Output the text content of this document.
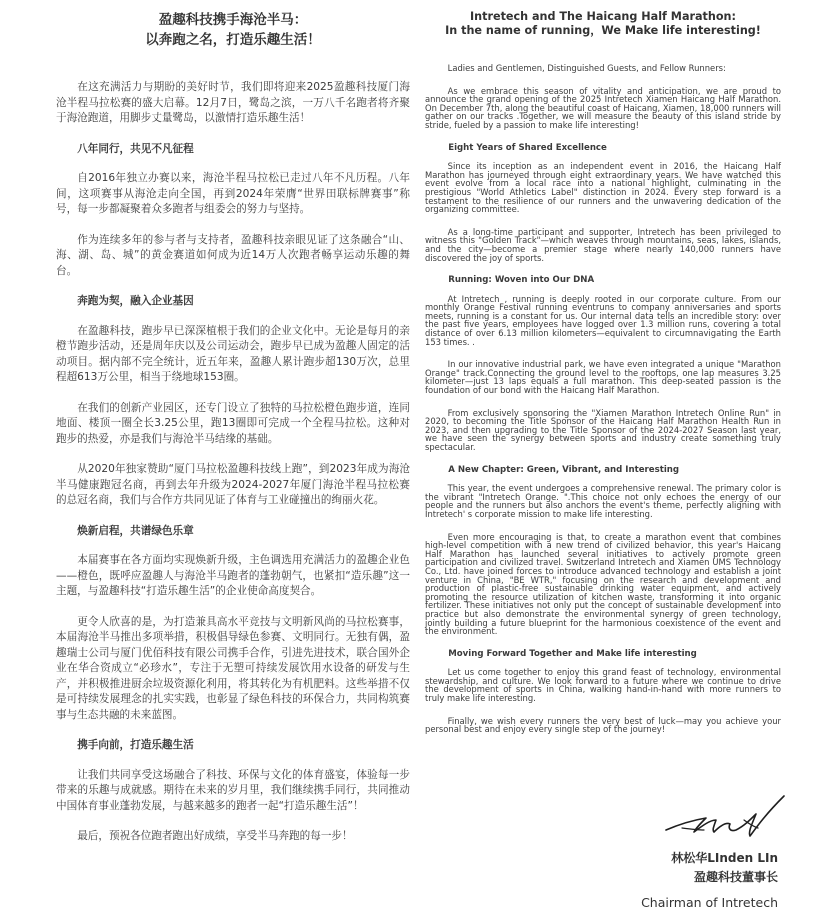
盈趣科技携手海沧半马：
以奔跑之名，打造乐趣生活！

在这充满活力与期盼的美好时节，我们即将迎来2025盈趣科技厦门海沧半程马拉松赛的盛大启幕。12月7日，鹭岛之滨，一万八千名跑者将齐聚于海沧跑道，用脚步丈量鹭岛，以激情打造乐趣生活！

八年同行，共见不凡征程

自2016年独立办赛以来，海沧半程马拉松已走过八年不凡历程。八年间，这项赛事从海沧走向全国，再到2024年荣膺“世界田联标牌赛事”称号，每一步都凝聚着众多跑者与组委会的努力与坚持。

作为连续多年的参与者与支持者，盈趣科技亲眼见证了这条融合“山、海、湖、岛、城”的黄金赛道如何成为近14万人次跑者畅享运动乐趣的舞台。

奔跑为契，融入企业基因

在盈趣科技，跑步早已深深植根于我们的企业文化中。无论是每月的亲橙节跑步活动，还是周年庆以及公司运动会，跑步早已成为盈趣人固定的活动项目。据内部不完全统计，近五年来，盈趣人累计跑步超130万次，总里程超613万公里，相当于绕地球153圈。

在我们的创新产业园区，还专门设立了独特的马拉松橙色跑步道，连同地面、楼顶一圈全长3.25公里，跑13圈即可完成一个全程马拉松。这种对跑步的热爱，亦是我们与海沧半马结缘的基础。

从2020年独家赞助“厦门马拉松盈趣科技线上跑”，到2023年成为海沧半马健康跑冠名商，再到去年升级为2024-2027年厦门海沧半程马拉松赛的总冠名商，我们与合作方共同见证了体育与工业碰撞出的绚丽火花。

焕新启程，共谱绿色乐章

本届赛事在各方面均实现焕新升级，主色调选用充满活力的盈趣企业色——橙色，既呼应盈趣人与海沧半马跑者的蓬勃朝气，也紧扣“造乐趣”这一主题，与盈趣科技“打造乐趣生活”的企业使命高度契合。

更令人欣喜的是，为打造兼具高水平竞技与文明新风尚的马拉松赛事，本届海沧半马推出多项举措，积极倡导绿色参赛、文明同行。无独有偶，盈趣瑞士公司与厦门优佰科技有限公司携手合作，引进先进技术，联合国外企业在华合资成立“必珍水”，专注于无塑可持续发展饮用水设备的研发与生产，并积极推进厨余垃圾资源化利用，将其转化为有机肥料。这些举措不仅是可持续发展理念的扎实实践，也彰显了绿色科技的环保合力，共同构筑赛事与生态共融的未来蓝图。

携手向前，打造乐趣生活

让我们共同享受这场融合了科技、环保与文化的体育盛宴，体验每一步带来的乐趣与成就感。期待在未来的岁月里，我们继续携手同行，共同推动中国体育事业蓬勃发展，与越来越多的跑者一起“打造乐趣生活”！

最后，预祝各位跑者跑出好成绩，享受半马奔跑的每一步！

Intretech and The Haicang Half Marathon:
In the name of running，We Make life interesting!

Ladies and Gentlemen, Distinguished Guests, and Fellow Runners:

As we embrace this season of vitality and anticipation, we are proud to announce the grand opening of the 2025 Intretech Xiamen Haicang Half Marathon. On December 7th, along the beautiful coast of Haicang, Xiamen, 18,000 runners will gather on our tracks .Together, we will measure the beauty of this island stride by stride, fueled by a passion to make life interesting!

Eight Years of Shared Excellence

Since its inception as an independent event in 2016, the Haicang Half Marathon has journeyed through eight extraordinary years. We have watched this event evolve from a local race into a national highlight, culminating in the prestigious "World Athletics Label" distinction in 2024. Every step forward is a testament to the resilience of our runners and the unwavering dedication of the organizing committee.

As a long-time participant and supporter, Intretech has been privileged to witness this "Golden Track"—which weaves through mountains, seas, lakes, islands, and the city—become a premier stage where nearly 140,000 runners have discovered the joy of sports.

Running: Woven into Our DNA

At Intretech , running is deeply rooted in our corporate culture. From our monthly Orange Festival running eventruns to company anniversaries and sports meets, running is a constant for us. Our internal data tells an incredible story: over the past five years, employees have logged over 1.3 million runs, covering a total distance of over 6.13 million kilometers—equivalent to circumnavigating the Earth 153 times. .

In our innovative industrial park, we have even integrated a unique "Marathon Orange" track.Connecting the ground level to the rooftops, one lap measures 3.25 kilometer—just 13 laps equals a full marathon. This deep-seated passion is the foundation of our bond with the Haicang Half Marathon.

From exclusively sponsoring the "Xiamen Marathon Intretech Online Run" in 2020, to becoming the Title Sponsor of the Haicang Half Marathon Health Run in 2023, and then upgrading to the Title Sponsor of the 2024-2027 Season last year, we have seen the synergy between sports and industry create something truly spectacular.

A New Chapter: Green, Vibrant, and Interesting

This year, the event undergoes a comprehensive renewal. The primary color is the vibrant "Intretech Orange. ".This choice not only echoes the energy of our people and the runners but also anchors the event's theme, perfectly aligning with Intretech' s corporate mission to make life interesting.

Even more encouraging is that, to create a marathon event that combines high-level competition with a new trend of civilized behavior, this year's Haicang Half Marathon has launched several initiatives to actively promote green participation and civilized travel. Switzerland Intretech and Xiamen UMS Technology Co., Ltd. have joined forces to introduce advanced technology and establish a joint venture in China, "BE WTR," focusing on the research and development and production of plastic-free sustainable drinking water equipment, and actively promoting the resource utilization of kitchen waste, transforming it into organic fertilizer. These initiatives not only put the concept of sustainable development into practice but also demonstrate the environmental synergy of green technology, jointly building a future blueprint for the harmonious coexistence of the event and the environment.

Moving Forward Together and Make life interesting

Let us come together to enjoy this grand feast of technology, environmental stewardship, and culture. We look forward to a future where we continue to drive the development of sports in China, walking hand-in-hand with more runners to truly make life interesting.

Finally, we wish every runners the very best of luck—may you achieve your personal best and enjoy every single step of the journey!

林松华LInden LIn
盈趣科技董事长
Chairman of Intretech
